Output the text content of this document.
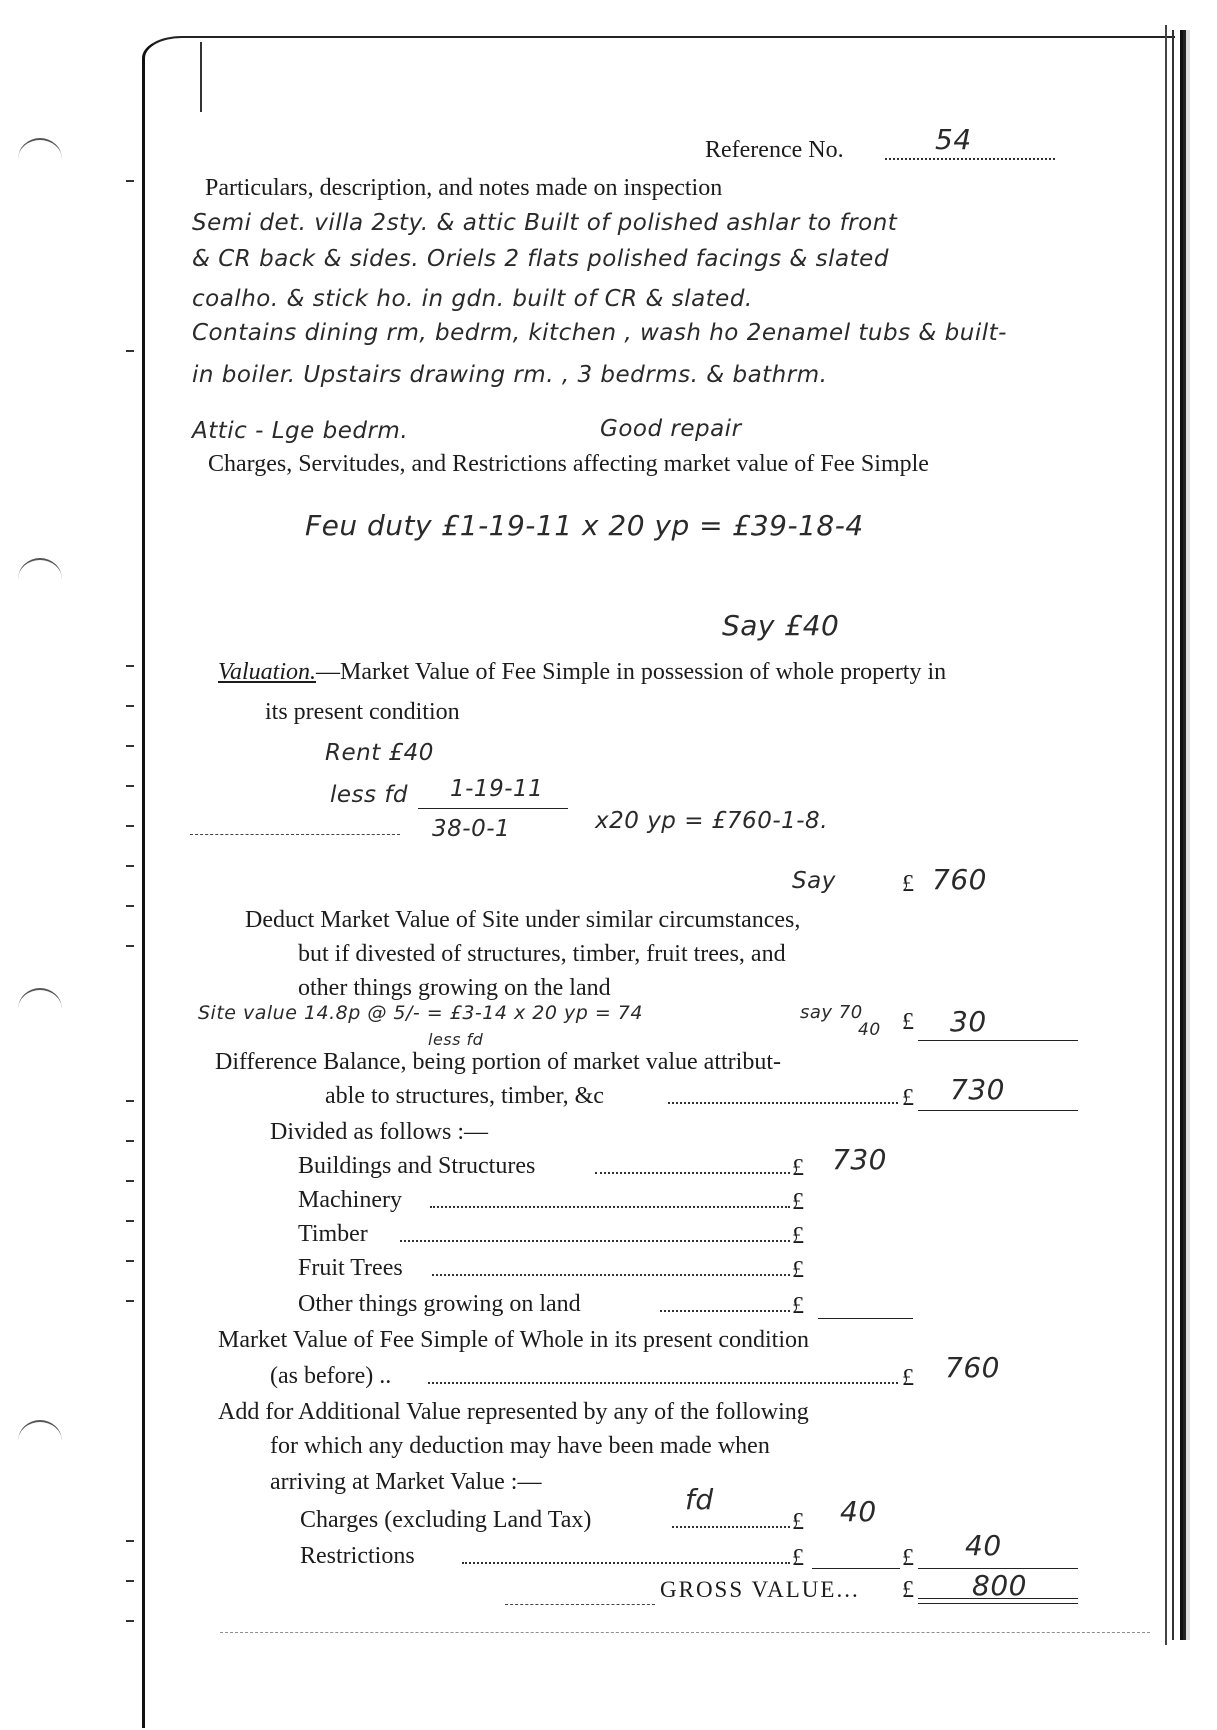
Reference No.	54
Particulars, description, and notes made on inspection
Semi det. villa 2sty. & attic Built of polished ashlar to front
& CR back & sides. Oriels 2 flats polished facings & slated
coalho. & stick ho. in gdn. built of CR & slated.
Contains dining rm, bedrm, kitchen , wash ho 2enamel tubs & built-
in boiler. Upstairs drawing rm. , 3 bedrms. & bathrm.
Attic - Lge bedrm.	Good repair
Charges, Servitudes, and Restrictions affecting market value of Fee Simple
Feu duty £1-19-11 x 20 yp = £39-18-4
Say £40
Valuation.—Market Value of Fee Simple in possession of whole property in
its present condition
Rent £40
less fd 1-19-11
38-0-1	x20 yp = £760-1-8.
Say	£ 760
Deduct Market Value of Site under similar circumstances,
but if divested of structures, timber, fruit trees, and
other things growing on the land
Site value 14.8p @ 5/- = £3-14 x 20 yp = 74	say 70
40
less fd
£ 30
Difference Balance, being portion of market value attribut-
able to structures, timber, &c	£ 730
Divided as follows :—
Buildings and Structures	£ 730
Machinery	£
Timber	£
Fruit Trees	£
Other things growing on land	£
Market Value of Fee Simple of Whole in its present condition
(as before) ..	£ 760
Add for Additional Value represented by any of the following
for which any deduction may have been made when
arriving at Market Value :—
Charges (excluding Land Tax)
fd
£ 40
Restrictions	£	£ 40
GROSS VALUE... £ 800
